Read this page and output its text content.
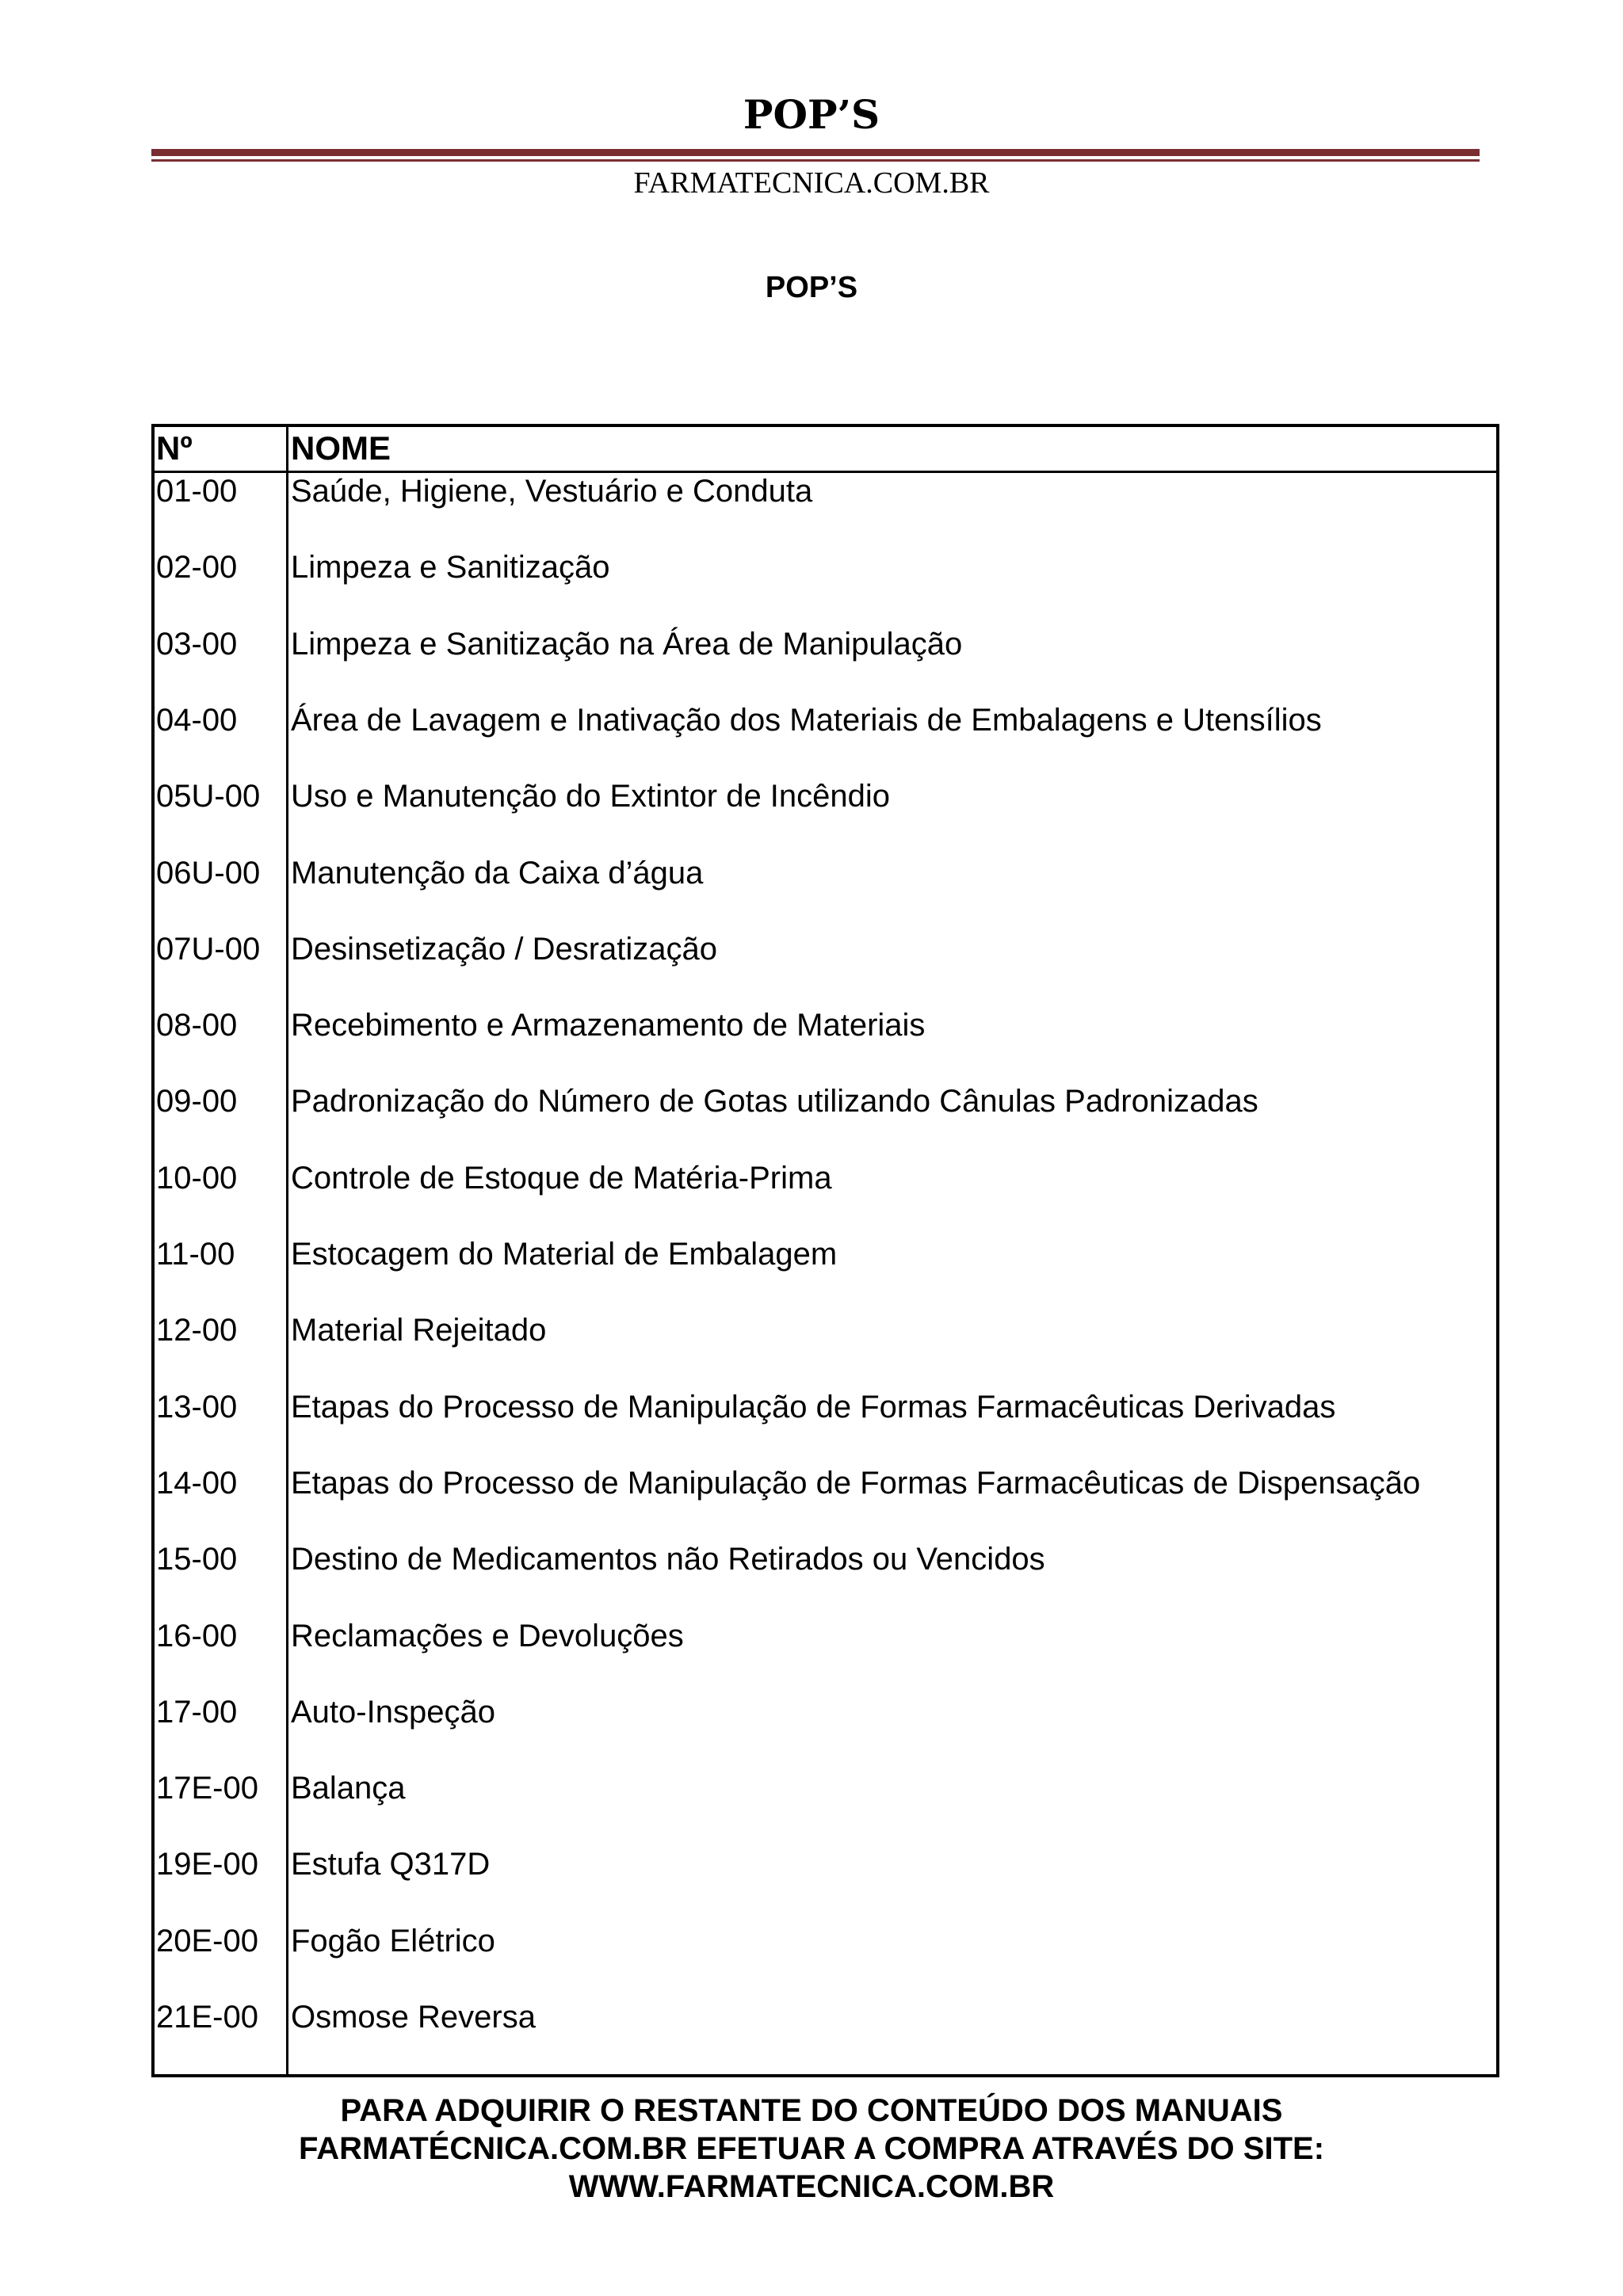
POP’S
FARMATECNICA.COM.BR
POP’S
Nº	NOME
01-00 Saúde, Higiene, Vestuário e Conduta
02-00 Limpeza e Sanitização
03-00 Limpeza e Sanitização na Área de Manipulação
04-00 Área de Lavagem e Inativação dos Materiais de Embalagens e Utensílios
05U-00 Uso e Manutenção do Extintor de Incêndio
06U-00 Manutenção da Caixa d’água
07U-00 Desinsetização / Desratização
08-00 Recebimento e Armazenamento de Materiais
09-00 Padronização do Número de Gotas utilizando Cânulas Padronizadas
10-00 Controle de Estoque de Matéria-Prima
11-00 Estocagem do Material de Embalagem
12-00 Material Rejeitado
13-00 Etapas do Processo de Manipulação de Formas Farmacêuticas Derivadas
14-00 Etapas do Processo de Manipulação de Formas Farmacêuticas de Dispensação
15-00 Destino de Medicamentos não Retirados ou Vencidos
16-00 Reclamações e Devoluções
17-00 Auto-Inspeção
17E-00 Balança
19E-00 Estufa Q317D
20E-00 Fogão Elétrico
21E-00 Osmose Reversa
PARA ADQUIRIR O RESTANTE DO CONTEÚDO DOS MANUAIS
FARMATÉCNICA.COM.BR EFETUAR A COMPRA ATRAVÉS DO SITE:
WWW.FARMATECNICA.COM.BR
